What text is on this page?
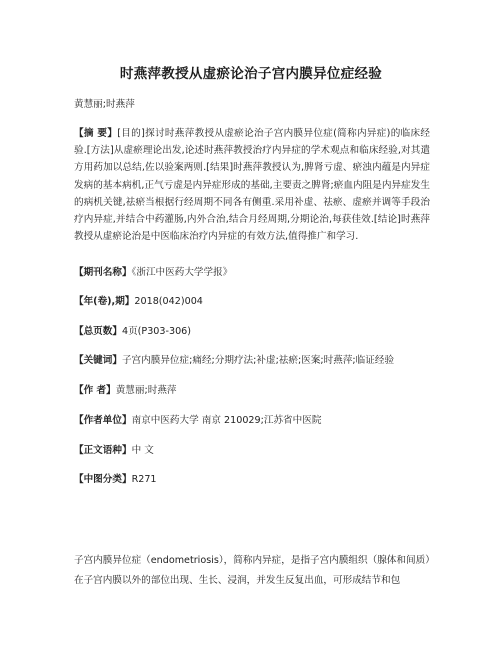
时燕萍教授从虚瘀论治子宫内膜异位症经验
黄慧丽;时燕萍
【摘 要】[目的]探讨时燕萍教授从虚瘀论治子宫内膜异位症(简称内异症)的临床经验.[方法]从虚瘀理论出发,论述时燕萍教授治疗内异症的学术观点和临床经验,对其遣方用药加以总结,佐以验案两则.[结果]时燕萍教授认为,脾肾亏虚、瘀浊内蕴是内异症发病的基本病机,正气亏虚是内异症形成的基础,主要责之脾肾;瘀血内阻是内异症发生的病机关键,祛瘀当根据行经周期不同各有侧重.采用补虚、祛瘀、虚瘀并调等手段治疗内异症,并结合中药灌肠,内外合治,结合月经周期,分期论治,每获佳效.[结论]时燕萍教授从虚瘀论治是中医临床治疗内异症的有效方法,值得推广和学习.
【期刊名称】《浙江中医药大学学报》
【年(卷),期】2018(042)004
【总页数】4页(P303-306)
【关键词】子宫内膜异位症;痛经;分期疗法;补虚;祛瘀;医案;时燕萍;临证经验
【作 者】黄慧丽;时燕萍
【作者单位】南京中医药大学 南京 210029;江苏省中医院
【正文语种】中 文
【中图分类】R271
子宫内膜异位症（endometriosis），简称内异症，是指子宫内膜组织（腺体和间质）在子宫内膜以外的部位出现、生长、浸润，并发生反复出血，可形成结节和包
